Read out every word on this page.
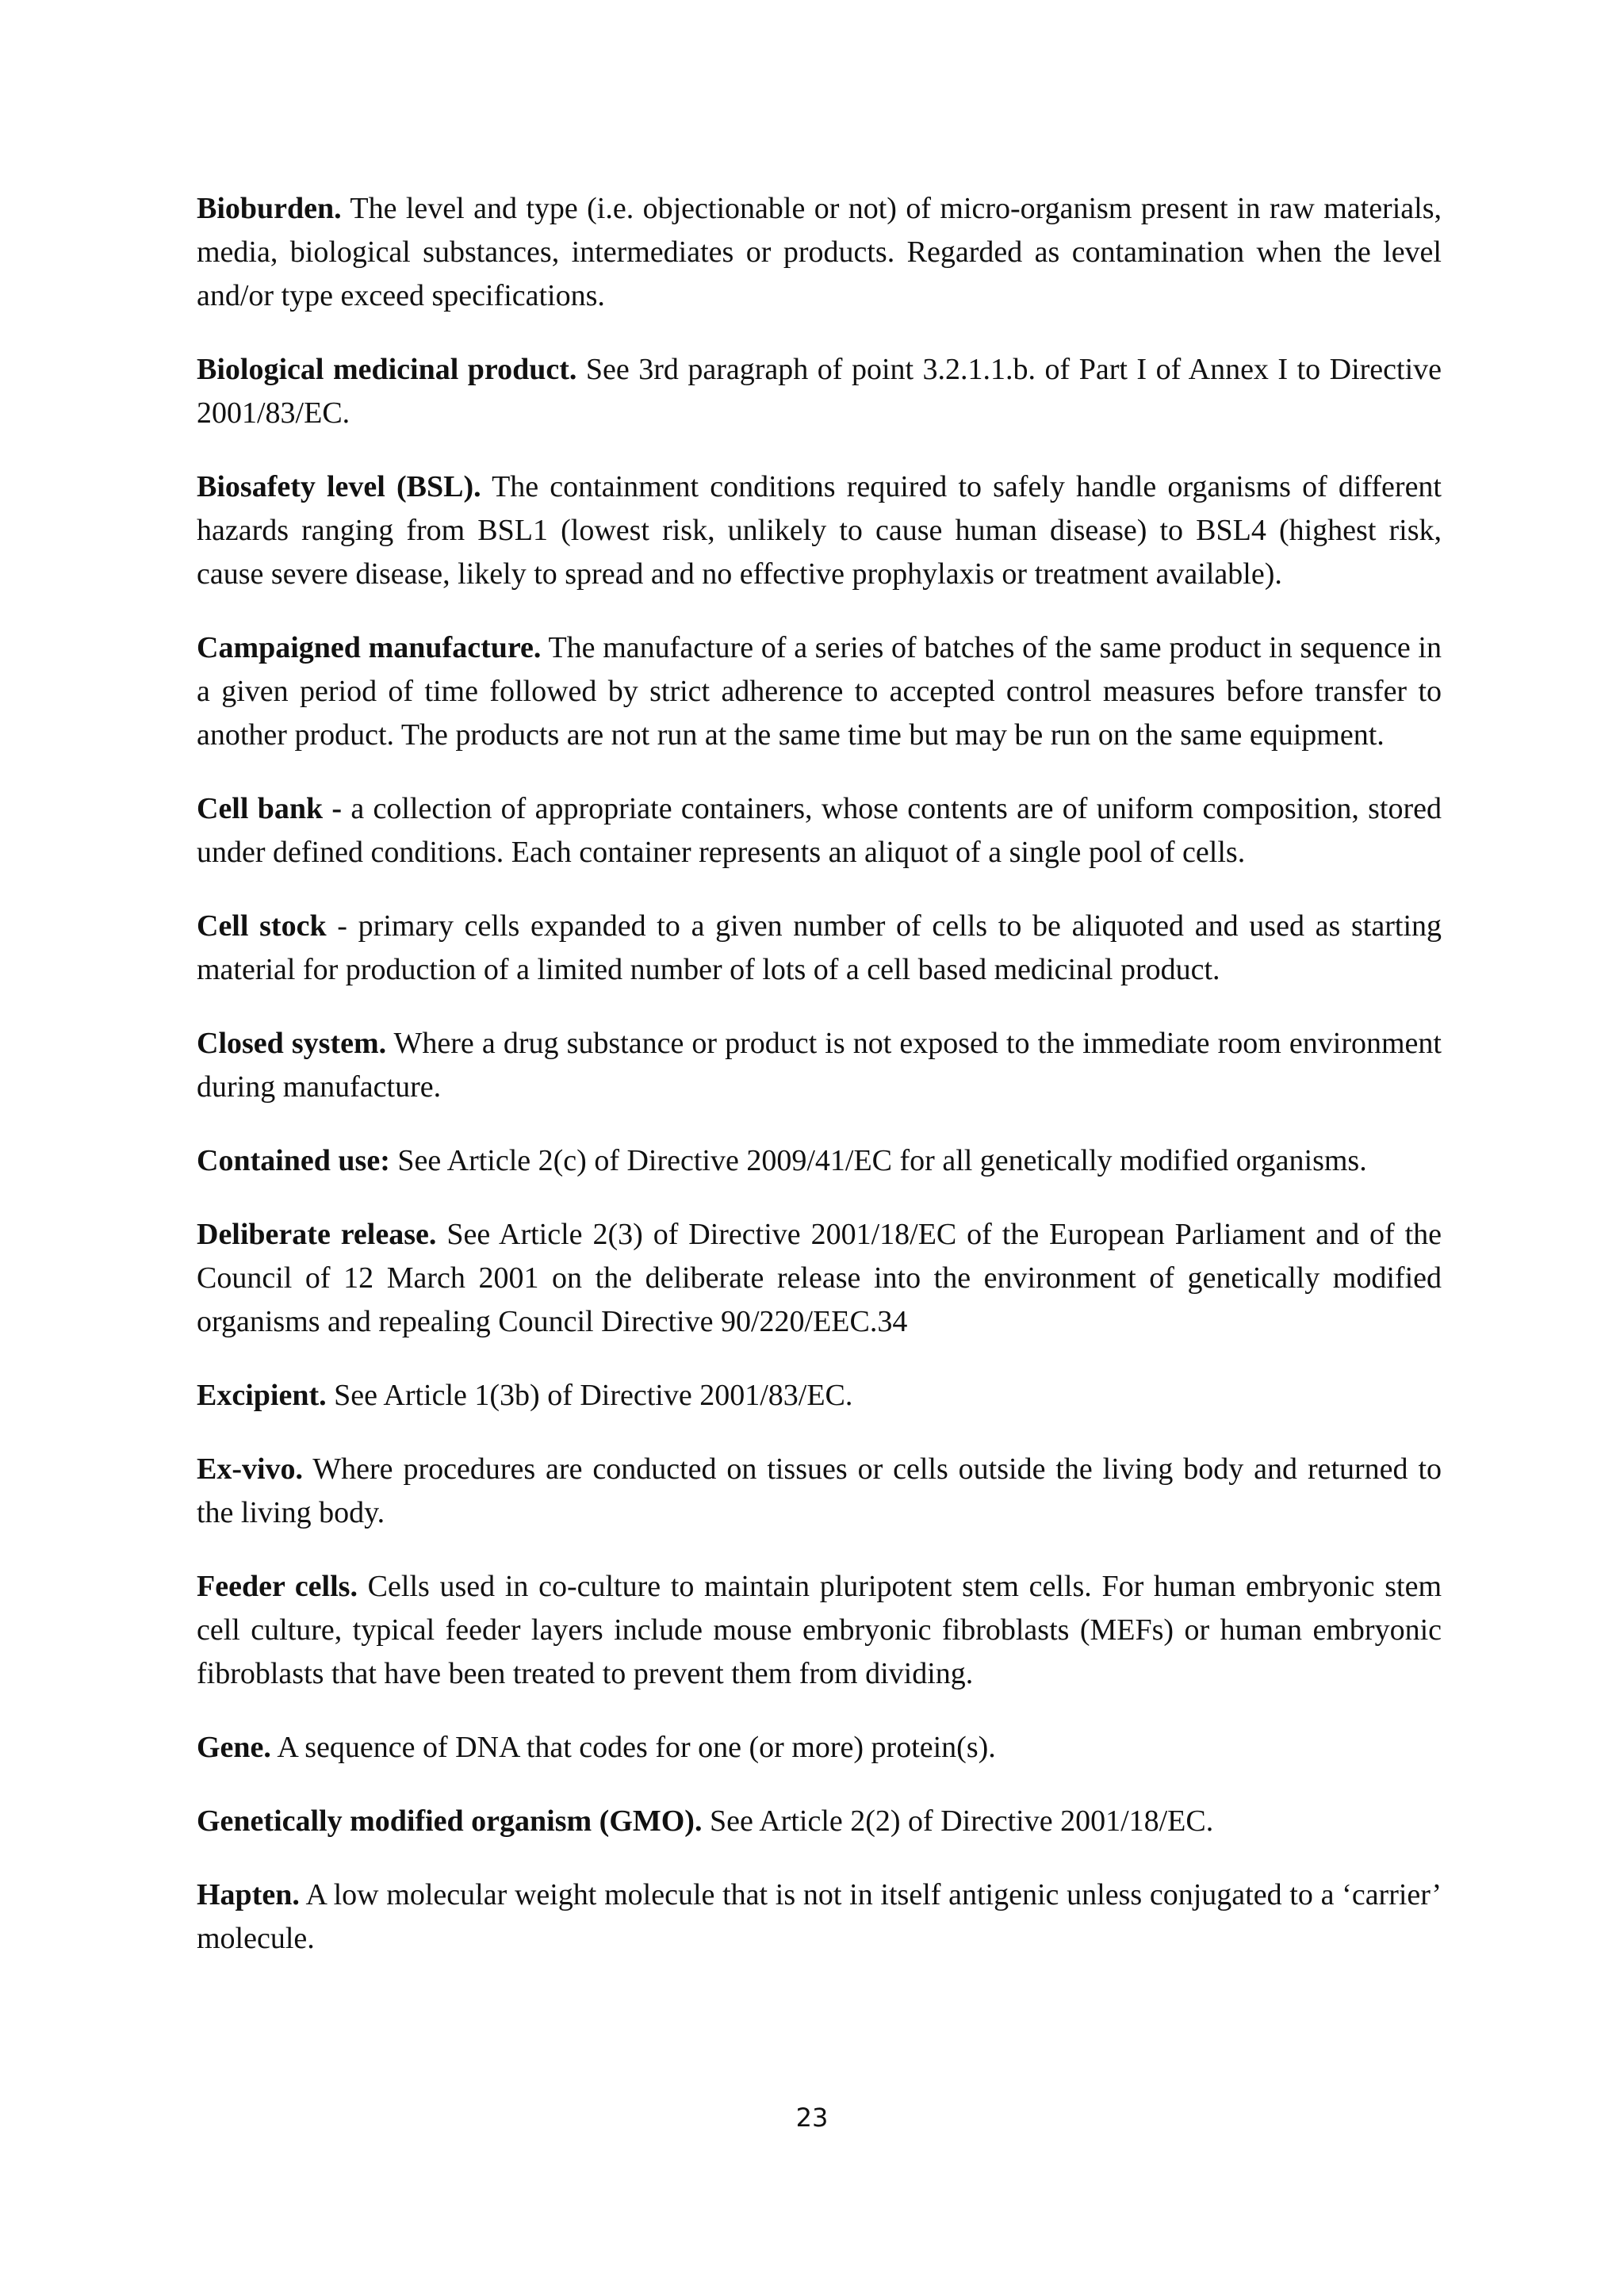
Bioburden. The level and type (i.e. objectionable or not) of micro-organism present in raw materials, media, biological substances, intermediates or products. Regarded as contamination when the level and/or type exceed specifications.

Biological medicinal product. See 3rd paragraph of point 3.2.1.1.b. of Part I of Annex I to Directive 2001/83/EC.

Biosafety level (BSL). The containment conditions required to safely handle organisms of different hazards ranging from BSL1 (lowest risk, unlikely to cause human disease) to BSL4 (highest risk, cause severe disease, likely to spread and no effective prophylaxis or treatment available).

Campaigned manufacture. The manufacture of a series of batches of the same product in sequence in a given period of time followed by strict adherence to accepted control measures before transfer to another product. The products are not run at the same time but may be run on the same equipment.

Cell bank - a collection of appropriate containers, whose contents are of uniform composition, stored under defined conditions. Each container represents an aliquot of a single pool of cells.

Cell stock - primary cells expanded to a given number of cells to be aliquoted and used as starting material for production of a limited number of lots of a cell based medicinal product.

Closed system. Where a drug substance or product is not exposed to the immediate room environment during manufacture.

Contained use: See Article 2(c) of Directive 2009/41/EC for all genetically modified organisms.

Deliberate release. See Article 2(3) of Directive 2001/18/EC of the European Parliament and of the Council of 12 March 2001 on the deliberate release into the environment of genetically modified organisms and repealing Council Directive 90/220/EEC.34

Excipient. See Article 1(3b) of Directive 2001/83/EC.

Ex-vivo. Where procedures are conducted on tissues or cells outside the living body and returned to the living body.

Feeder cells. Cells used in co-culture to maintain pluripotent stem cells. For human embryonic stem cell culture, typical feeder layers include mouse embryonic fibroblasts (MEFs) or human embryonic fibroblasts that have been treated to prevent them from dividing.

Gene. A sequence of DNA that codes for one (or more) protein(s).

Genetically modified organism (GMO). See Article 2(2) of Directive 2001/18/EC.

Hapten. A low molecular weight molecule that is not in itself antigenic unless conjugated to a ‘carrier’ molecule.

23
